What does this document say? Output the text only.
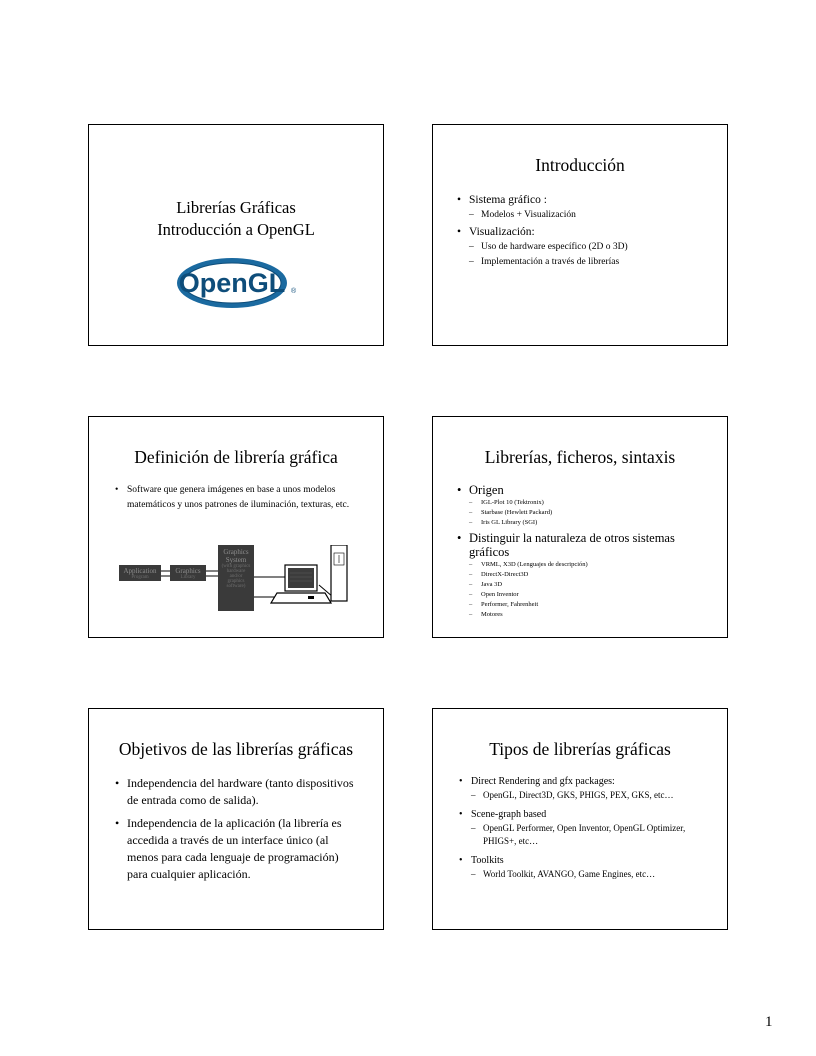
Librerías Gráficas
Introducción a OpenGL
OpenGL ®
Introducción
• Sistema gráfico :
– Modelos + Visualización
• Visualización:
– Uso de hardware específico (2D o 3D)
– Implementación a través de librerías
Definición de librería gráfica
• Software que genera imágenes en base a unos modelos matemáticos y unos patrones de iluminación, texturas, etc.
Application
Program
Graphics
Library
Graphics
System
(with graphics
hardware
and/or
graphics software)
Librerías, ficheros, sintaxis
• Origen
– IGL-Plot 10 (Tektronix)
– Starbase (Hewlett Packard)
– Iris GL Library (SGI)
• Distinguir la naturaleza de otros sistemas gráficos
– VRML, X3D (Lenguajes de descripción)
– DirectX-Direct3D
– Java 3D
– Open Inventor
– Performer, Fahrenheit
– Motores
Objetivos de las librerías gráficas
• Independencia del hardware (tanto dispositivos de entrada como de salida).
• Independencia de la aplicación (la librería es accedida a través de un interface único (al menos para cada lenguaje de programación) para cualquier aplicación.
Tipos de librerías gráficas
• Direct Rendering and gfx packages:
– OpenGL, Direct3D, GKS, PHIGS, PEX, GKS, etc…
• Scene-graph based
– OpenGL Performer, Open Inventor, OpenGL Optimizer, PHIGS+, etc…
• Toolkits
– World Toolkit, AVANGO, Game Engines, etc…
1
